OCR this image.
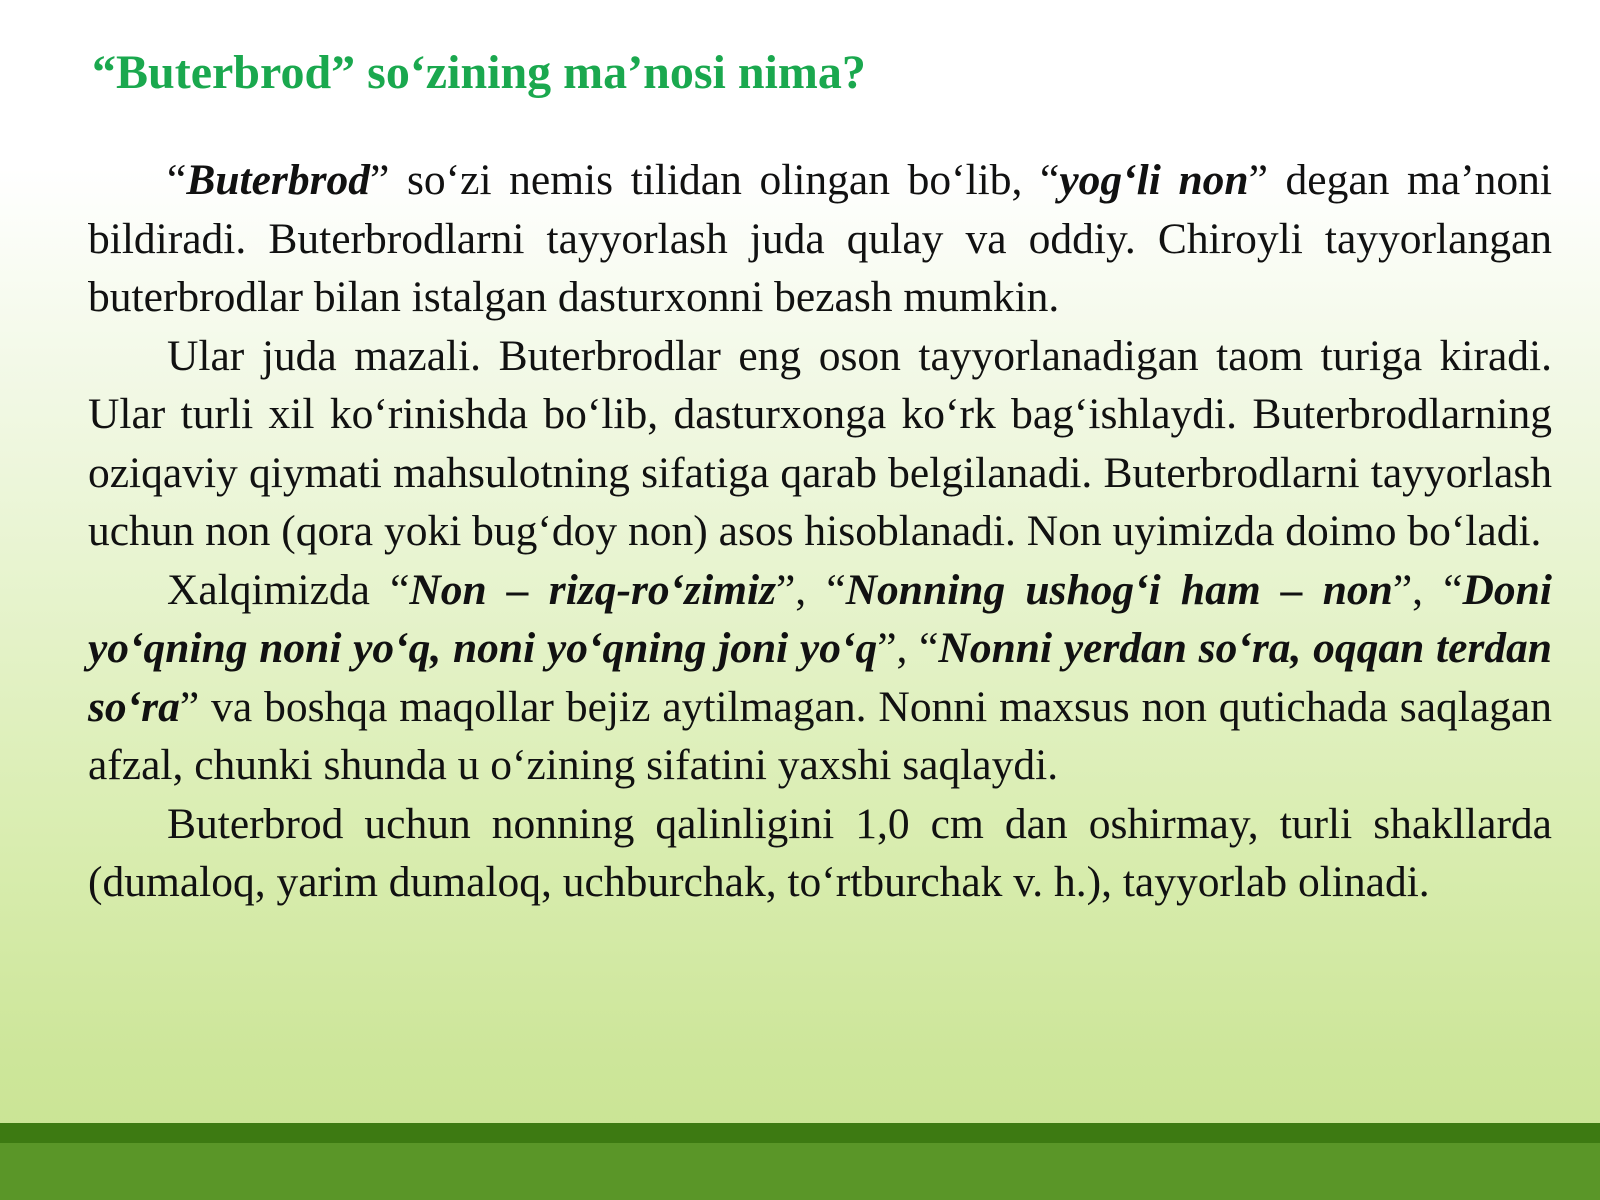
“Buterbrod” so‘zining ma’nosi nima?

“Buterbrod” so‘zi nemis tilidan olingan bo‘lib, “yog‘li non” degan ma’noni bildiradi. Buterbrodlarni tayyorlash juda qulay va oddiy. Chiroyli tayyorlangan buterbrodlar bilan istalgan dasturxonni bezash mumkin.

Ular juda mazali. Buterbrodlar eng oson tayyorlanadigan taom turiga kiradi. Ular turli xil ko‘rinishda bo‘lib, dasturxonga ko‘rk bag‘ishlaydi. Buterbrodlarning oziqaviy qiymati mahsulotning sifatiga qarab belgilanadi. Buterbrodlarni tayyorlash uchun non (qora yoki bug‘doy non) asos hisoblanadi. Non uyimizda doimo bo‘ladi.

Xalqimizda “Non – rizq-ro‘zimiz”, “Nonning ushog‘i ham – non”, “Doni yo‘qning noni yo‘q, noni yo‘qning joni yo‘q”, “Nonni yerdan so‘ra, oqqan terdan so‘ra” va boshqa maqollar bejiz aytilmagan. Nonni maxsus non qutichada saqlagan afzal, chunki shunda u o‘zining sifatini yaxshi saqlaydi.

Buterbrod uchun nonning qalinligini 1,0 cm dan oshirmay, turli shakllarda (dumaloq, yarim dumaloq, uchburchak, to‘rtburchak v. h.), tayyorlab olinadi.
